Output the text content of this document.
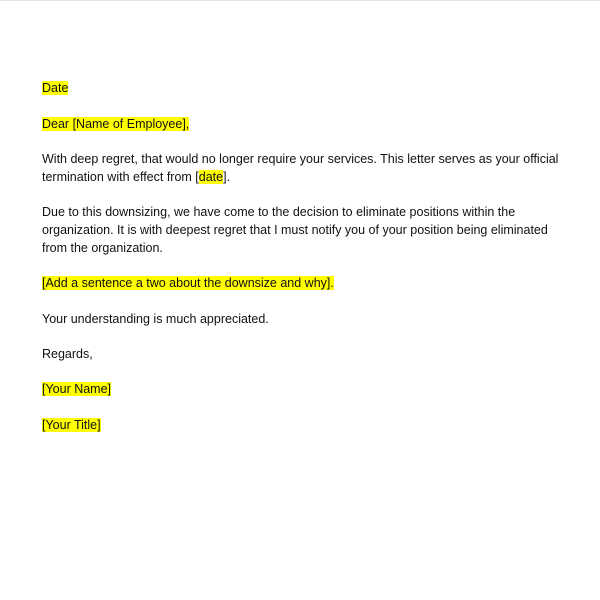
Date
Dear [Name of Employee],
With deep regret, that would no longer require your services. This letter serves as your official
termination with effect from [date].
Due to this downsizing, we have come to the decision to eliminate positions within the
organization. It is with deepest regret that I must notify you of your position being eliminated
from the organization.
[Add a sentence a two about the downsize and why].
Your understanding is much appreciated.
Regards,
[Your Name]
[Your Title]
